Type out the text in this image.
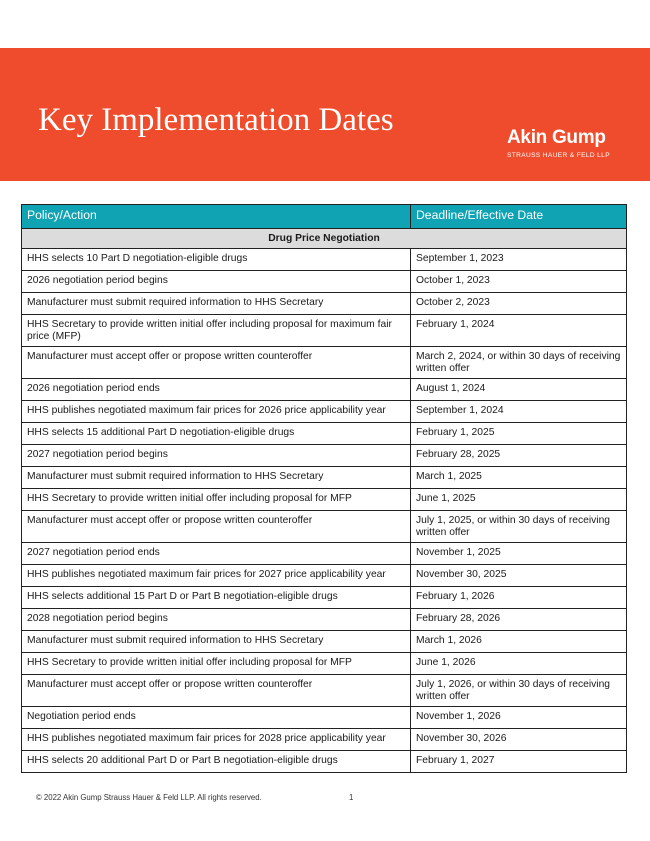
Key Implementation Dates	Akin Gump
STRAUSS HAUER & FELD LLP
Policy/Action	Deadline/Effective Date
Drug Price Negotiation	
HHS selects 10 Part D negotiation-eligible drugs	September 1, 2023
2026 negotiation period begins	October 1, 2023
Manufacturer must submit required information to HHS Secretary	October 2, 2023
HHS Secretary to provide written initial offer including proposal for maximum fair price (MFP)	February 1, 2024
Manufacturer must accept offer or propose written counteroffer	March 2, 2024, or within 30 days of receiving written offer
2026 negotiation period ends	August 1, 2024
HHS publishes negotiated maximum fair prices for 2026 price applicability year	September 1, 2024
HHS selects 15 additional Part D negotiation-eligible drugs	February 1, 2025
2027 negotiation period begins	February 28, 2025
Manufacturer must submit required information to HHS Secretary	March 1, 2025
HHS Secretary to provide written initial offer including proposal for MFP	June 1, 2025
Manufacturer must accept offer or propose written counteroffer	July 1, 2025, or within 30 days of receiving written offer
2027 negotiation period ends	November 1, 2025
HHS publishes negotiated maximum fair prices for 2027 price applicability year	November 30, 2025
HHS selects additional 15 Part D or Part B negotiation-eligible drugs	February 1, 2026
2028 negotiation period begins	February 28, 2026
Manufacturer must submit required information to HHS Secretary	March 1, 2026
HHS Secretary to provide written initial offer including proposal for MFP	June 1, 2026
Manufacturer must accept offer or propose written counteroffer	July 1, 2026, or within 30 days of receiving written offer
Negotiation period ends	November 1, 2026
HHS publishes negotiated maximum fair prices for 2028 price applicability year	November 30, 2026
HHS selects 20 additional Part D or Part B negotiation-eligible drugs	February 1, 2027
© 2022 Akin Gump Strauss Hauer & Feld LLP. All rights reserved.	1
